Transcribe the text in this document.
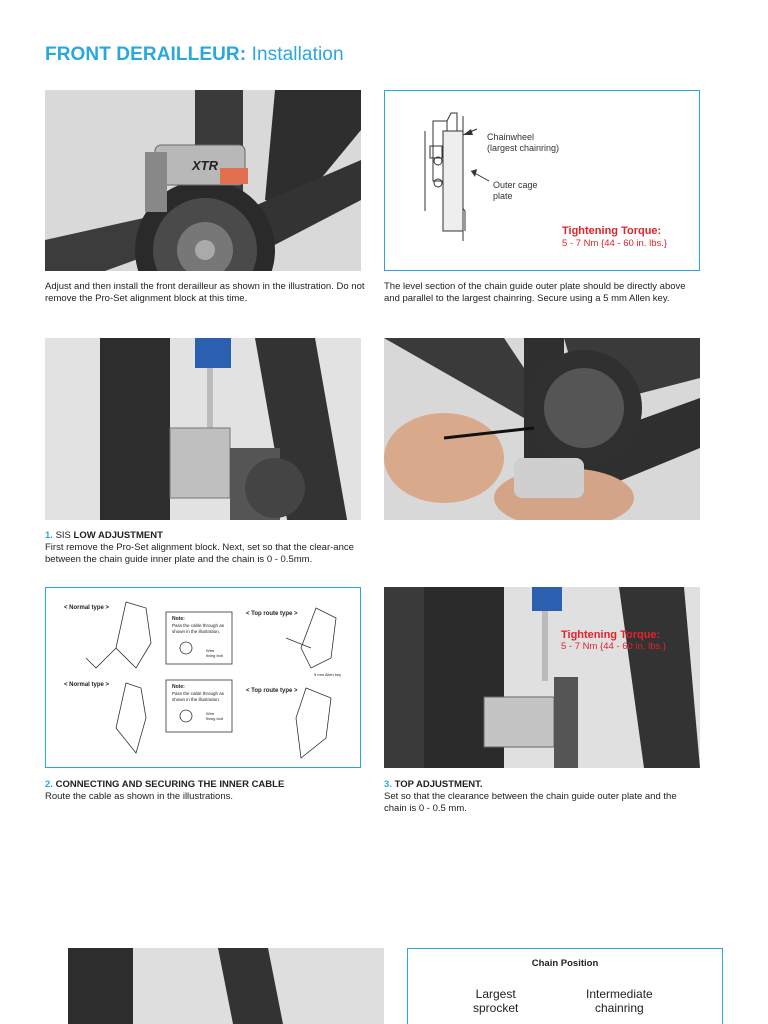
FRONT DERAILLEUR: Installation
XTR
Adjust and then install the front derailleur as shown in the illustration. Do not remove the Pro-Set alignment block at this time.
Chainwheel
(largest chainring)
Outer cage
plate
Tightening Torque:
5 - 7 Nm {44 - 60 in. lbs.}
The level section of the chain guide outer plate should be directly above and parallel to the largest chainring. Secure using a 5 mm Allen key.
1. SIS LOW ADJUSTMENT
First remove the Pro-Set alignment block. Next, set so that the clear-ance between the chain guide inner plate and the chain is 0 - 0.5mm.
< Normal type >
< Top route type >
< Normal type >
< Top route type >
Note:
Pass the cable through as
shown in the illustration.
Wire
fixing bolt
Note:
Pass the cable through as
shown in the illustration.
Wire
fixing bolt
5 mm Allen key
2. CONNECTING AND SECURING THE INNER CABLE
Route the cable as shown in the illustrations.
Tightening Torque:
5 - 7 Nm {44 - 60 in. lbs.}
3. TOP ADJUSTMENT.
Set so that the clearance between the chain guide outer plate and the chain is 0 - 0.5 mm.
Chain Position
Largest
sprocket
Intermediate
chainring
